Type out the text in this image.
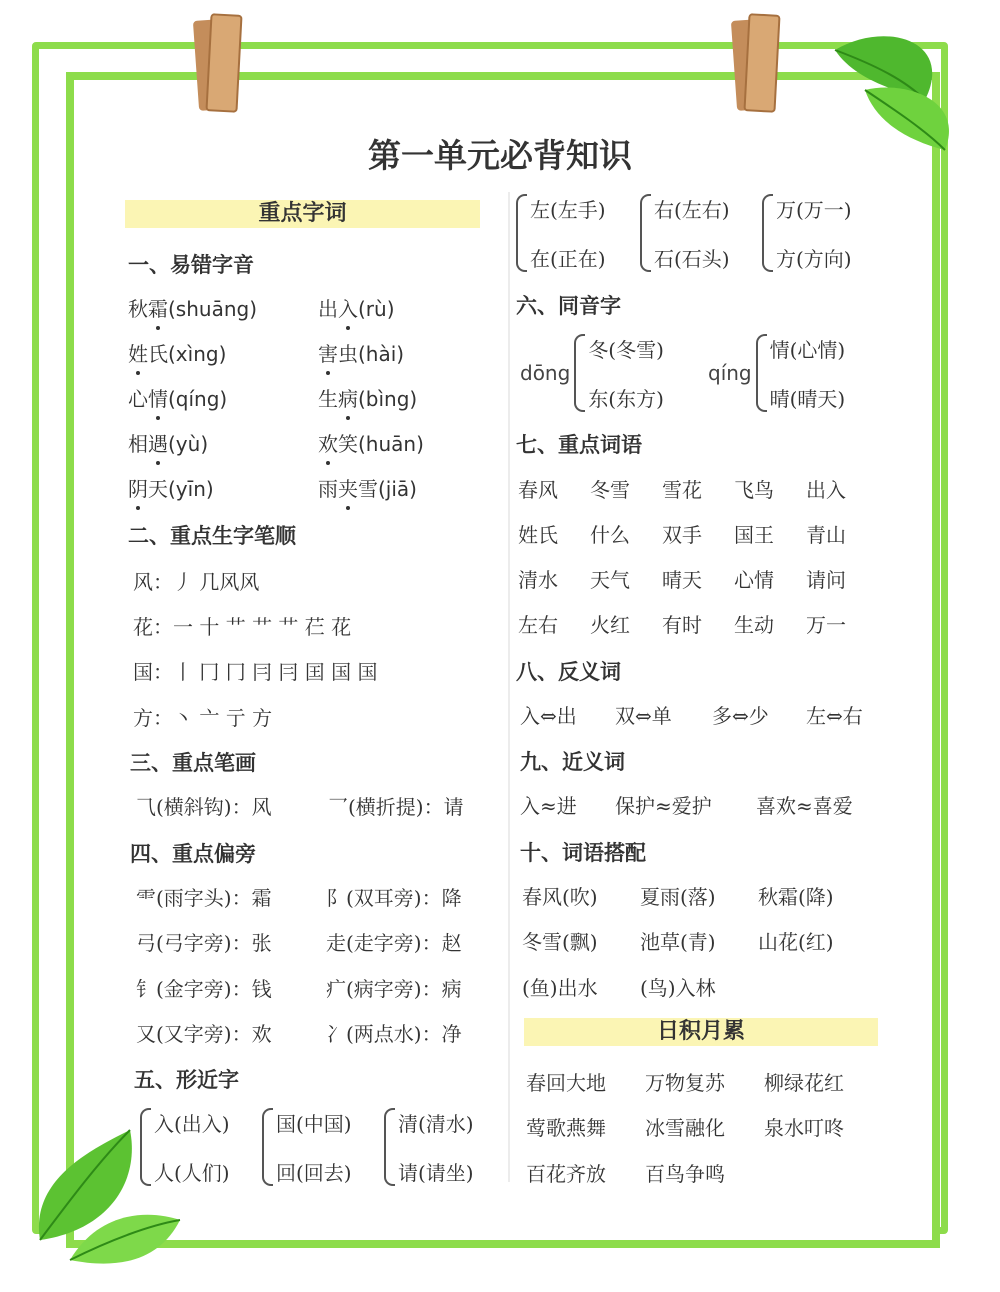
第一单元必背知识
重点字词
一、易错字音
秋霜(shuāng)	出入(rù)
姓氏(xìng)	害虫(hài)
心情(qíng)	生病(bìng)
相遇(yù)	欢笑(huān)
阴天(yīn)	雨夹雪(jiā)
二、重点生字笔顺
风：丿 几风风
花：一 十 艹 艹 艹 芢 花
国：丨 冂 冂 冃 冃 囯 国 国
方：丶 亠 亍 方
三、重点笔画
⺄(横斜钩)：风	⺂(横折提)：请
四、重点偏旁
⻗(雨字头)：霜	⻖(双耳旁)：降
弓(弓字旁)：张	走(走字旁)：赵
钅(金字旁)：钱	疒(病字旁)：病
又(又字旁)：欢	冫(两点水)：净
五、形近字
入(出入)
人(人们)
国(中国)
回(回去)
清(清水)
请(请坐)
左(左手)
在(正在)
右(左右)
石(石头)
万(万一)
方(方向)
六、同音字
dōng
冬(冬雪)
东(东方)
qíng
情(心情)
晴(晴天)
七、重点词语
春风 冬雪 雪花 飞鸟 出入
姓氏 什么 双手 国王 青山
清水 天气 晴天 心情 请问
左右 火红 有时 生动 万一
八、反义词
入⇔出 双⇔单 多⇔少 左⇔右
九、近义词
入≈进 保护≈爱护 喜欢≈喜爱
十、词语搭配
春风(吹) 夏雨(落) 秋霜(降)
冬雪(飘) 池草(青) 山花(红)
(鱼)出水 (鸟)入林
日积月累
春回大地 万物复苏 柳绿花红
莺歌燕舞 冰雪融化 泉水叮咚
百花齐放 百鸟争鸣
